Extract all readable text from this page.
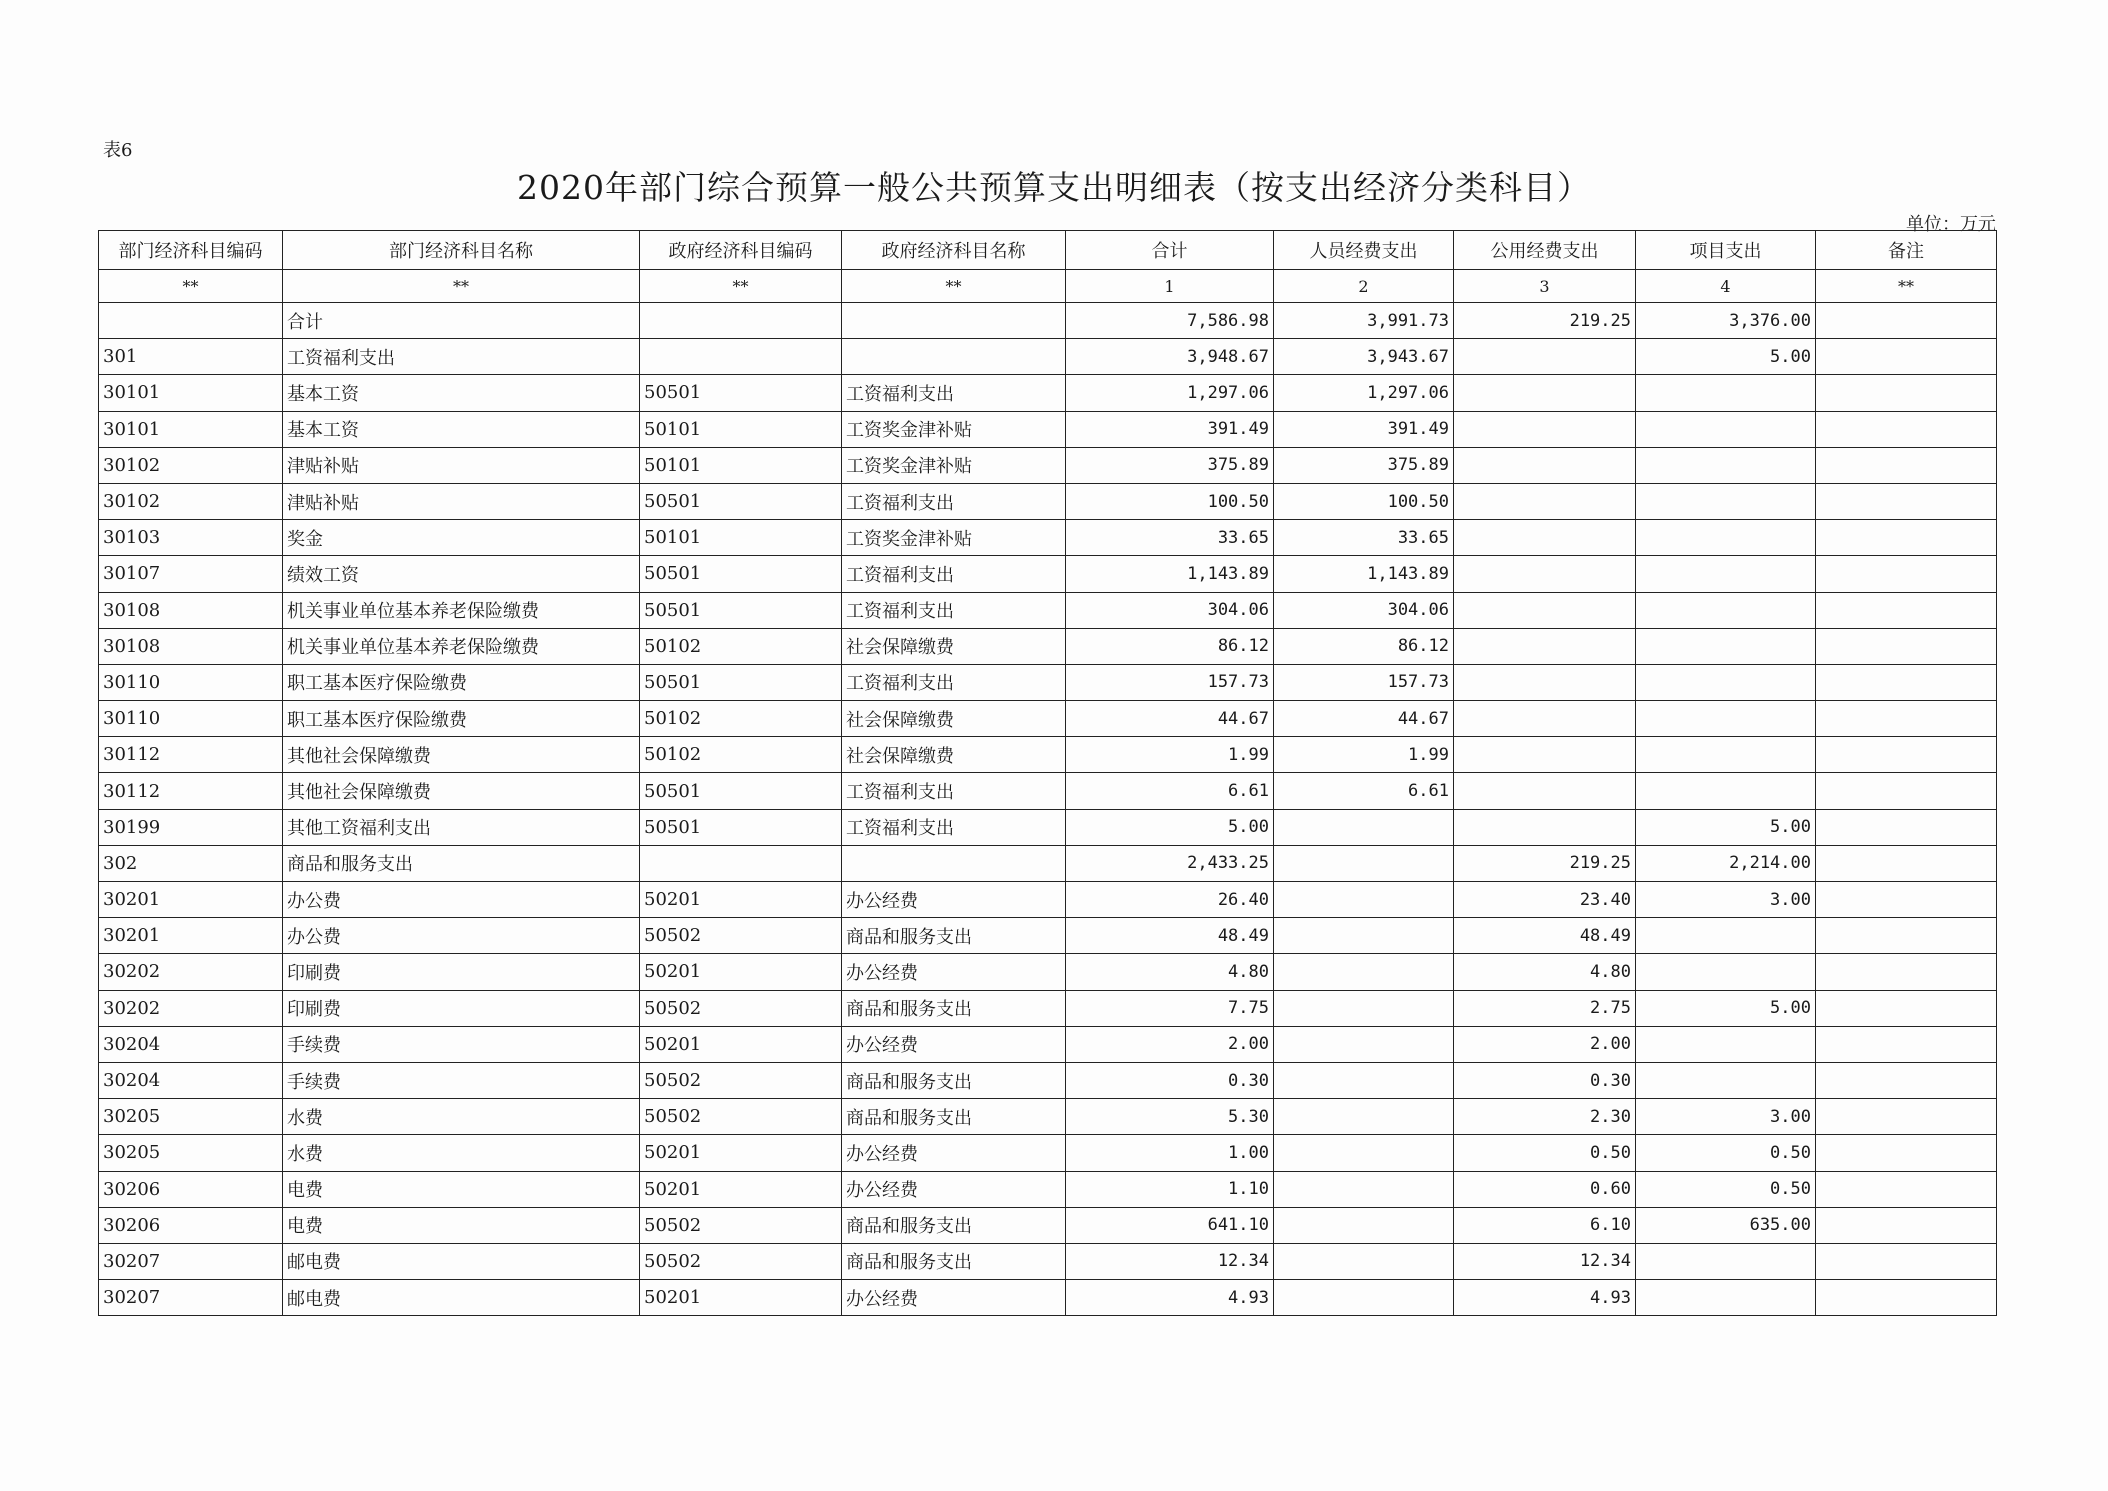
表6
2020年部门综合预算一般公共预算支出明细表（按支出经济分类科目）
单位：万元
部门经济科目编码	部门经济科目名称	政府经济科目编码	政府经济科目名称	合计	人员经费支出	公用经费支出	项目支出	备注
**	**	**	**	1	2	3	4	**
	合计			7,586.98	3,991.73	219.25	3,376.00	
301	工资福利支出			3,948.67	3,943.67		5.00	
30101	基本工资	50501	工资福利支出	1,297.06	1,297.06			
30101	基本工资	50101	工资奖金津补贴	391.49	391.49			
30102	津贴补贴	50101	工资奖金津补贴	375.89	375.89			
30102	津贴补贴	50501	工资福利支出	100.50	100.50			
30103	奖金	50101	工资奖金津补贴	33.65	33.65			
30107	绩效工资	50501	工资福利支出	1,143.89	1,143.89			
30108	机关事业单位基本养老保险缴费	50501	工资福利支出	304.06	304.06			
30108	机关事业单位基本养老保险缴费	50102	社会保障缴费	86.12	86.12			
30110	职工基本医疗保险缴费	50501	工资福利支出	157.73	157.73			
30110	职工基本医疗保险缴费	50102	社会保障缴费	44.67	44.67			
30112	其他社会保障缴费	50102	社会保障缴费	1.99	1.99			
30112	其他社会保障缴费	50501	工资福利支出	6.61	6.61			
30199	其他工资福利支出	50501	工资福利支出	5.00			5.00	
302	商品和服务支出			2,433.25		219.25	2,214.00	
30201	办公费	50201	办公经费	26.40		23.40	3.00	
30201	办公费	50502	商品和服务支出	48.49		48.49		
30202	印刷费	50201	办公经费	4.80		4.80		
30202	印刷费	50502	商品和服务支出	7.75		2.75	5.00	
30204	手续费	50201	办公经费	2.00		2.00		
30204	手续费	50502	商品和服务支出	0.30		0.30		
30205	水费	50502	商品和服务支出	5.30		2.30	3.00	
30205	水费	50201	办公经费	1.00		0.50	0.50	
30206	电费	50201	办公经费	1.10		0.60	0.50	
30206	电费	50502	商品和服务支出	641.10		6.10	635.00	
30207	邮电费	50502	商品和服务支出	12.34		12.34		
30207	邮电费	50201	办公经费	4.93		4.93		
